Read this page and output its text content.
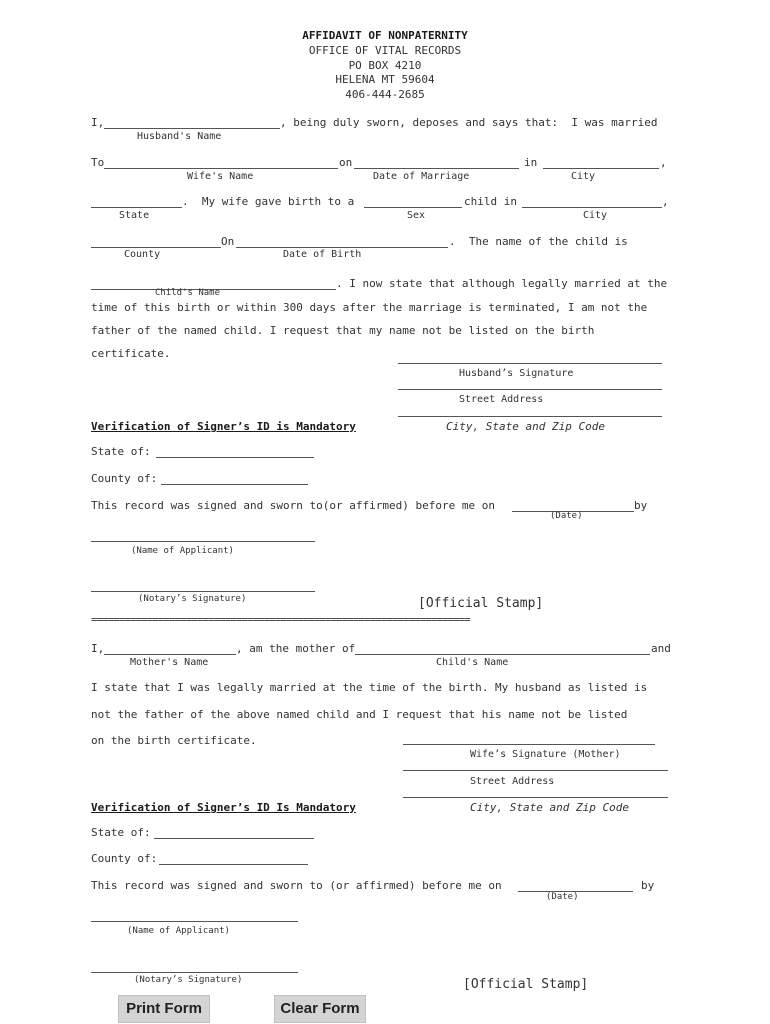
AFFIDAVIT OF NONPATERNITY
OFFICE OF VITAL RECORDS
PO BOX 4210
HELENA MT 59604
406-444-2685
I,	, being duly sworn, deposes and says that:  I was married
Husband's Name
To	on	in	,
Wife's Name	Date of Marriage	City
.  My wife gave birth to a	child in	,
State	Sex	City
On	.  The name of the child is
County	Date of Birth
. I now state that although legally married at the
Child's Name
time of this birth or within 300 days after the marriage is terminated, I am not the
father of the named child. I request that my name not be listed on the birth
certificate.
Husband’s Signature
Street Address
City, State and Zip Code
Verification of Signer’s ID is Mandatory
State of:
County of:
This record was signed and sworn to(or affirmed) before me on	by
(Date)
(Name of Applicant)
(Notary’s Signature)	[Official Stamp]
====================================================================
I,	, am the mother of	and
Mother's Name	Child's Name
I state that I was legally married at the time of the birth. My husband as listed is
not the father of the above named child and I request that his name not be listed
on the birth certificate.
Wife’s Signature (Mother)
Street Address
City, State and Zip Code
Verification of Signer’s ID Is Mandatory
State of:
County of:
This record was signed and sworn to (or affirmed) before me on	by
(Date)
(Name of Applicant)
(Notary’s Signature)	[Official Stamp]
Print Form	Clear Form
